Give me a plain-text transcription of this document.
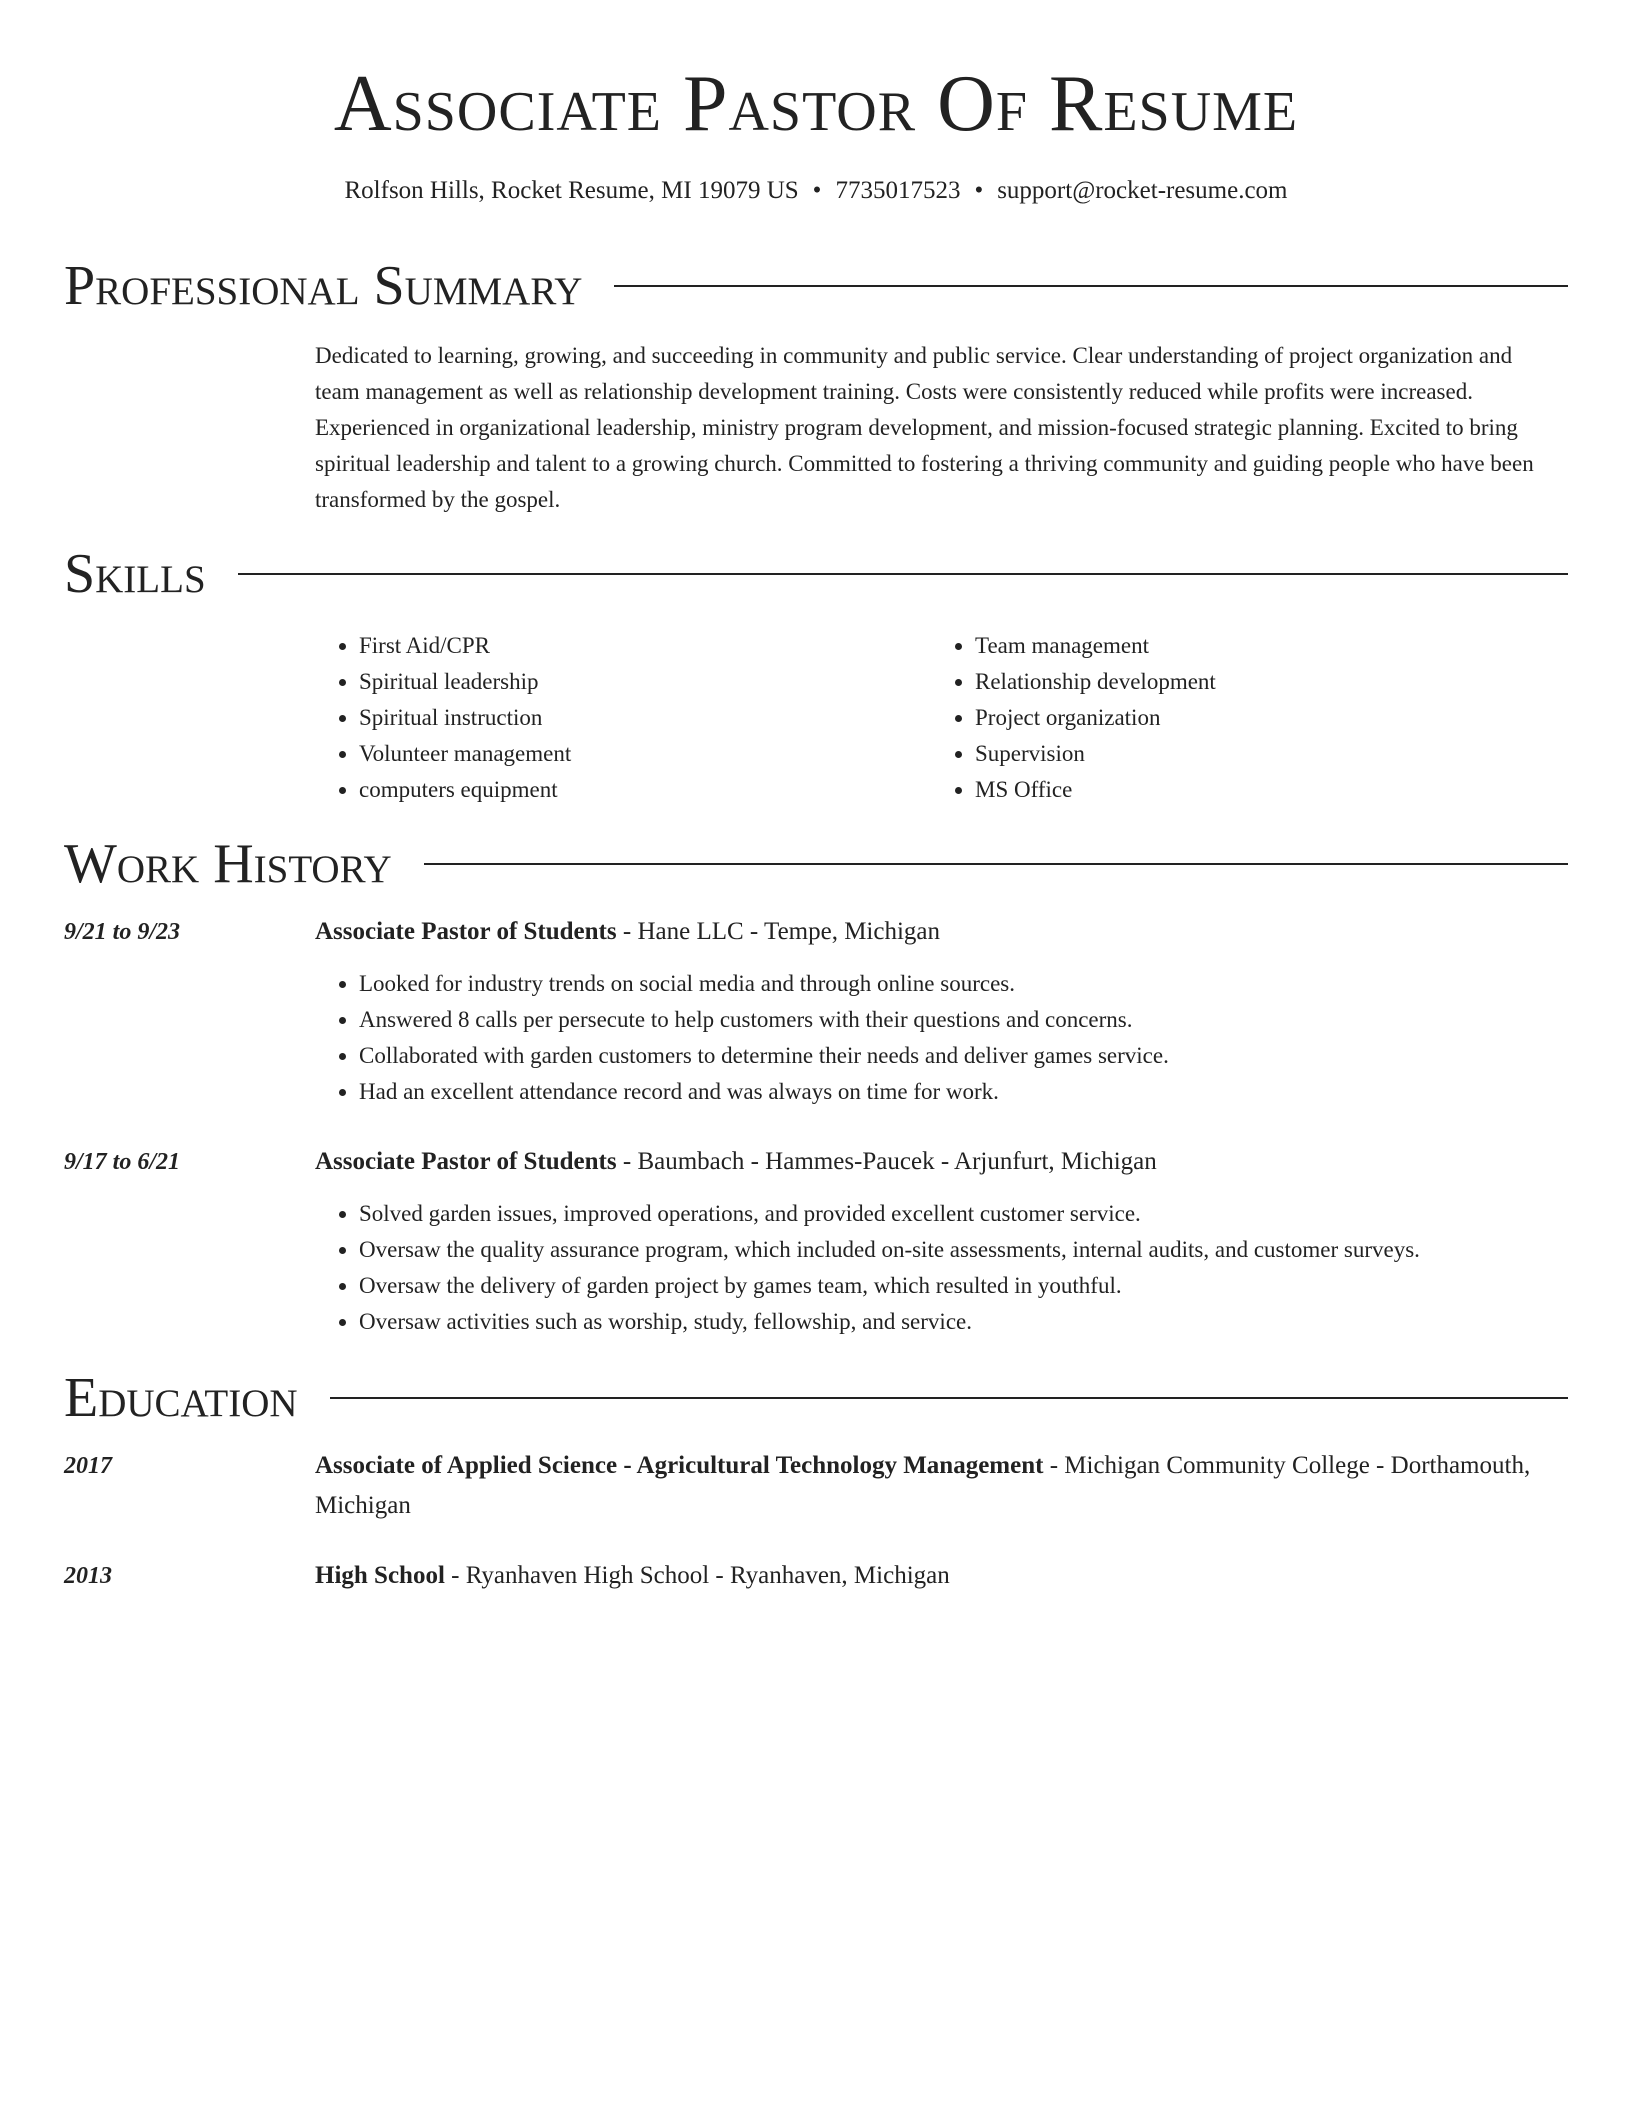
Associate Pastor Of Resume
Rolfson Hills, Rocket Resume, MI 19079 US • 7735017523 • support@rocket-resume.com
Professional Summary
Dedicated to learning, growing, and succeeding in community and public service. Clear understanding of project organization and team management as well as relationship development training. Costs were consistently reduced while profits were increased. Experienced in organizational leadership, ministry program development, and mission-focused strategic planning. Excited to bring spiritual leadership and talent to a growing church. Committed to fostering a thriving community and guiding people who have been transformed by the gospel.
Skills
• First Aid/CPR
• Spiritual leadership
• Spiritual instruction
• Volunteer management
• computers equipment
• Team management
• Relationship development
• Project organization
• Supervision
• MS Office
Work History
9/21 to 9/23	Associate Pastor of Students - Hane LLC - Tempe, Michigan
• Looked for industry trends on social media and through online sources.
• Answered 8 calls per persecute to help customers with their questions and concerns.
• Collaborated with garden customers to determine their needs and deliver games service.
• Had an excellent attendance record and was always on time for work.
9/17 to 6/21	Associate Pastor of Students - Baumbach - Hammes-Paucek - Arjunfurt, Michigan
• Solved garden issues, improved operations, and provided excellent customer service.
• Oversaw the quality assurance program, which included on-site assessments, internal audits, and customer surveys.
• Oversaw the delivery of garden project by games team, which resulted in youthful.
• Oversaw activities such as worship, study, fellowship, and service.
Education
2017	Associate of Applied Science - Agricultural Technology Management - Michigan Community College - Dorthamouth, Michigan
2013	High School - Ryanhaven High School - Ryanhaven, Michigan
